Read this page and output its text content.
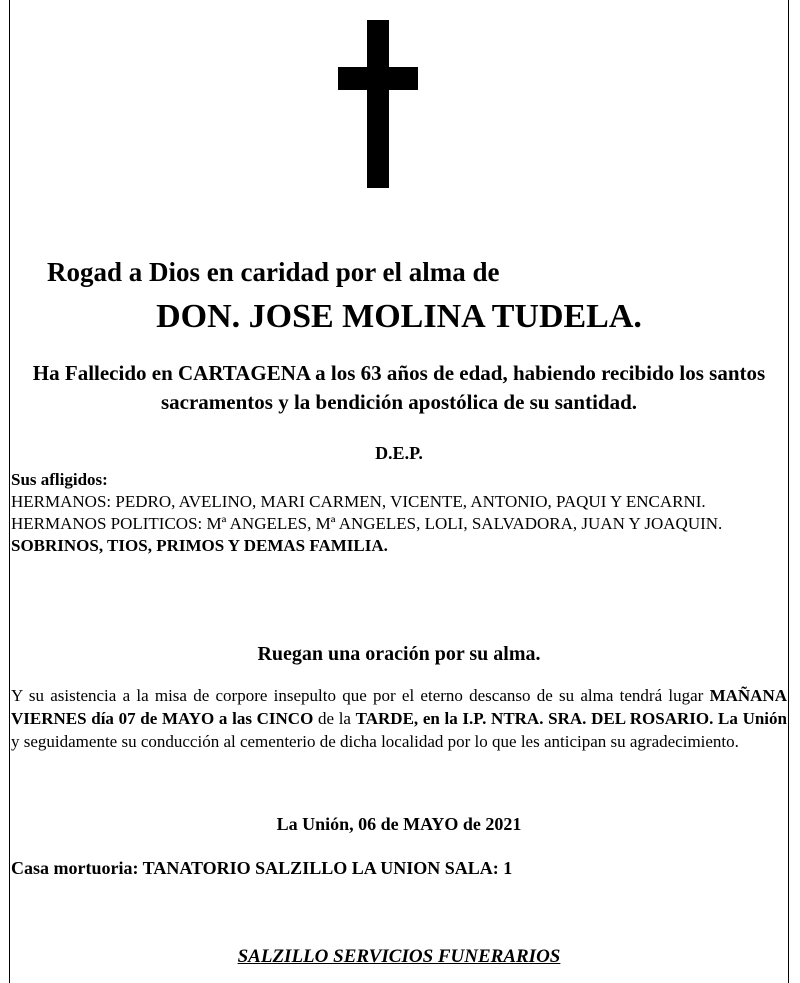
Rogad a Dios en caridad por el alma de
DON. JOSE MOLINA TUDELA.
Ha Fallecido en CARTAGENA a los 63 años de edad, habiendo recibido los santos sacramentos y la bendición apostólica de su santidad.
D.E.P.
Sus afligidos:
HERMANOS: PEDRO, AVELINO, MARI CARMEN, VICENTE, ANTONIO, PAQUI Y ENCARNI.
HERMANOS POLITICOS: Mª ANGELES, Mª ANGELES, LOLI, SALVADORA, JUAN Y JOAQUIN.
SOBRINOS, TIOS, PRIMOS Y DEMAS FAMILIA.
Ruegan una oración por su alma.
Y su asistencia a la misa de corpore insepulto que por el eterno descanso de su alma tendrá lugar MAÑANA VIERNES día 07 de MAYO a las CINCO de la TARDE, en la I.P. NTRA. SRA. DEL ROSARIO. La Unión y seguidamente su conducción al cementerio de dicha localidad por lo que les anticipan su agradecimiento.
La Unión, 06 de MAYO de 2021
Casa mortuoria: TANATORIO SALZILLO LA UNION SALA: 1
SALZILLO SERVICIOS FUNERARIOS
